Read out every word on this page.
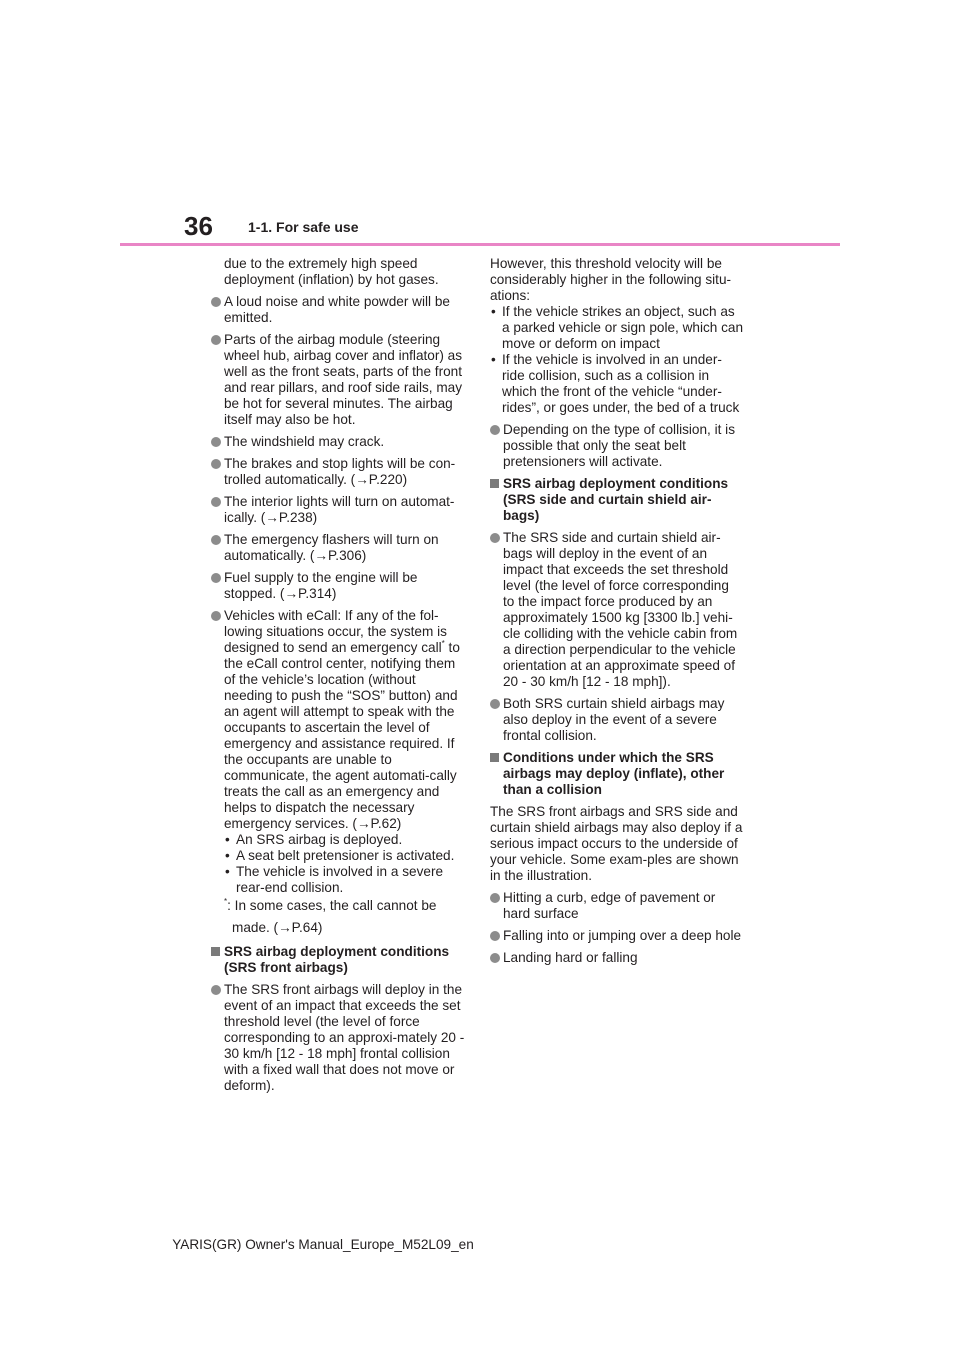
36	1-1. For safe use

due to the extremely high speed deployment (inflation) by hot gases.

A loud noise and white powder will be emitted.
Parts of the airbag module (steering wheel hub, airbag cover and inflator) as well as the front seats, parts of the front and rear pillars, and roof side rails, may be hot for several minutes. The airbag itself may also be hot.
The windshield may crack.
The brakes and stop lights will be con-trolled automatically. (→P.220)
The interior lights will turn on automat-ically. (→P.238)
The emergency flashers will turn on automatically. (→P.306)
Fuel supply to the engine will be stopped. (→P.314)
Vehicles with eCall: If any of the fol-lowing situations occur, the system is designed to send an emergency call* to the eCall control center, notifying them of the vehicle’s location (without needing to push the “SOS” button) and an agent will attempt to speak with the occupants to ascertain the level of emergency and assistance required. If the occupants are unable to communicate, the agent automati-cally treats the call as an emergency and helps to dispatch the necessary emergency services. (→P.62)
• An SRS airbag is deployed.
• A seat belt pretensioner is activated.
• The vehicle is involved in a severe rear-end collision.
*: In some cases, the call cannot be
made. (→P.64)
SRS airbag deployment conditions (SRS front airbags)
The SRS front airbags will deploy in the event of an impact that exceeds the set threshold level (the level of force corresponding to an approxi-mately 20 - 30 km/h [12 - 18 mph] frontal collision with a fixed wall that does not move or deform).
However, this threshold velocity will be considerably higher in the following situ-ations:
• If the vehicle strikes an object, such as a parked vehicle or sign pole, which can move or deform on impact
• If the vehicle is involved in an under-ride collision, such as a collision in which the front of the vehicle “under-rides”, or goes under, the bed of a truck
Depending on the type of collision, it is possible that only the seat belt pretensioners will activate.
SRS airbag deployment conditions (SRS side and curtain shield air-bags)
The SRS side and curtain shield air-bags will deploy in the event of an impact that exceeds the set threshold level (the level of force corresponding to the impact force produced by an approximately 1500 kg [3300 lb.] vehi-cle colliding with the vehicle cabin from a direction perpendicular to the vehicle orientation at an approximate speed of 20 - 30 km/h [12 - 18 mph]).
Both SRS curtain shield airbags may also deploy in the event of a severe frontal collision.
Conditions under which the SRS airbags may deploy (inflate), other than a collision

The SRS front airbags and SRS side and curtain shield airbags may also deploy if a serious impact occurs to the underside of your vehicle. Some exam-ples are shown in the illustration.

Hitting a curb, edge of pavement or hard surface
Falling into or jumping over a deep hole
Landing hard or falling
YARIS(GR) Owner's Manual_Europe_M52L09_en
